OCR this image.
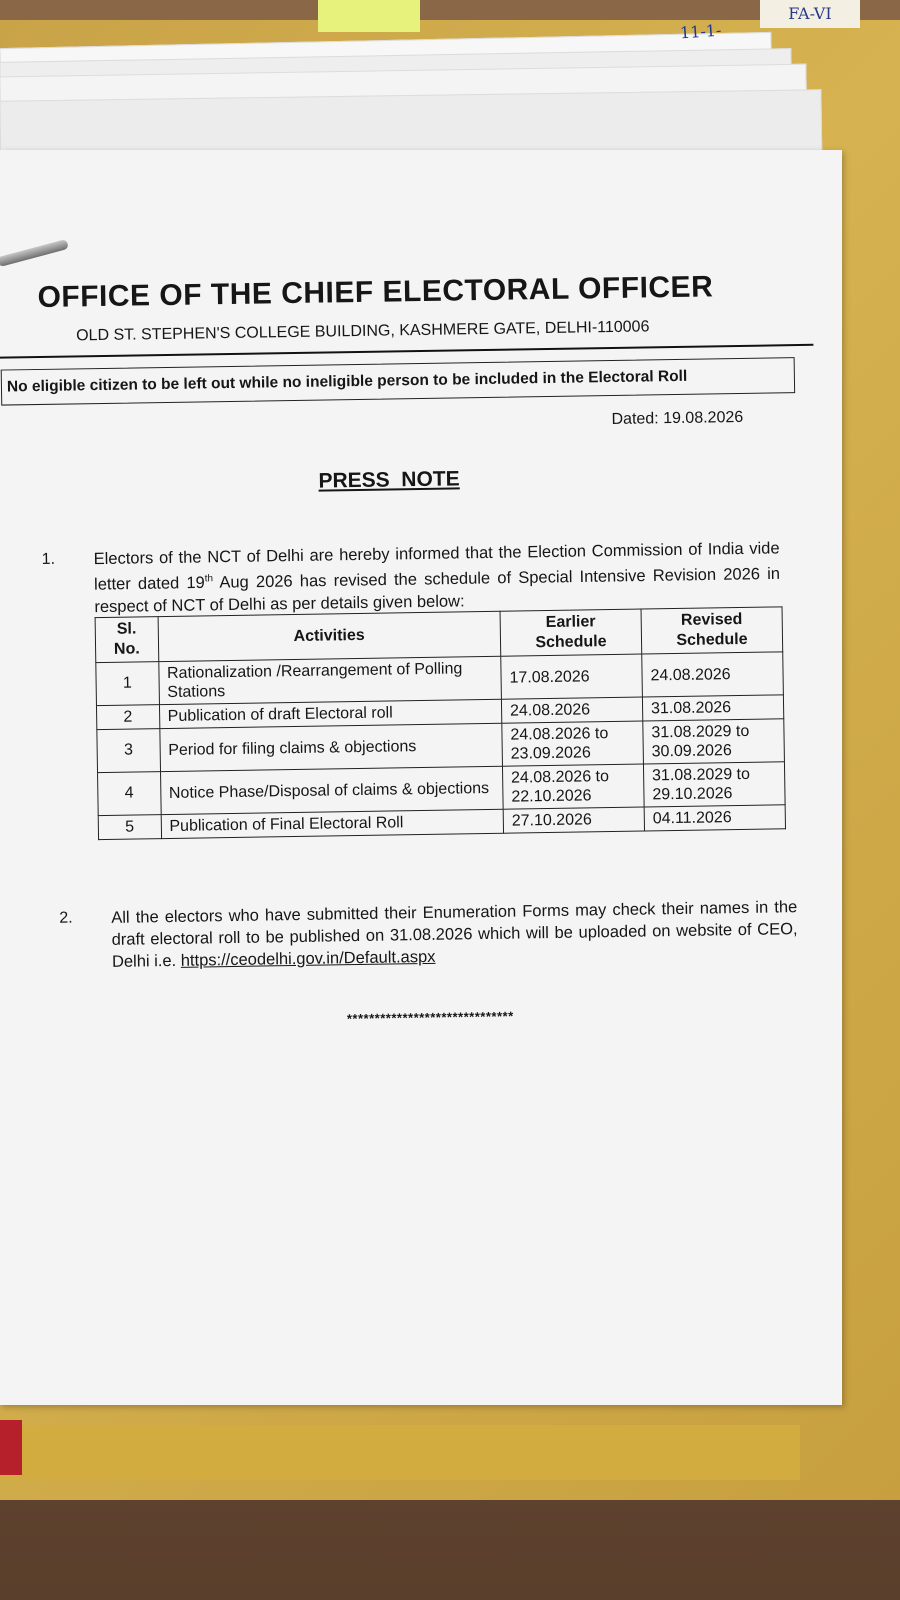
FA-VI
11-1-
OFFICE OF THE CHIEF ELECTORAL OFFICER
OLD ST. STEPHEN'S COLLEGE BUILDING, KASHMERE GATE, DELHI-110006
No eligible citizen to be left out while no ineligible person to be included in the Electoral Roll
Dated: 19.08.2026
PRESS  NOTE
1. Electors of the NCT of Delhi are hereby informed that the Election Commission of India vide letter dated 19th Aug 2026 has revised the schedule of Special Intensive Revision 2026 in respect of NCT of Delhi as per details given below:
Sl. No.	Activities	Earlier Schedule	Revised Schedule
1	Rationalization /Rearrangement of Polling Stations	17.08.2026	24.08.2026
2	Publication of draft Electoral roll	24.08.2026	31.08.2026
3	Period for filing claims & objections	24.08.2026 to 23.09.2026	31.08.2029 to 30.09.2026
4	Notice Phase/Disposal of claims & objections	24.08.2026 to 22.10.2026	31.08.2029 to 29.10.2026
5	Publication of Final Electoral Roll	27.10.2026	04.11.2026
2. All the electors who have submitted their Enumeration Forms may check their names in the draft electoral roll to be published on 31.08.2026 which will be uploaded on website of CEO, Delhi i.e. https://ceodelhi.gov.in/Default.aspx
******************************
